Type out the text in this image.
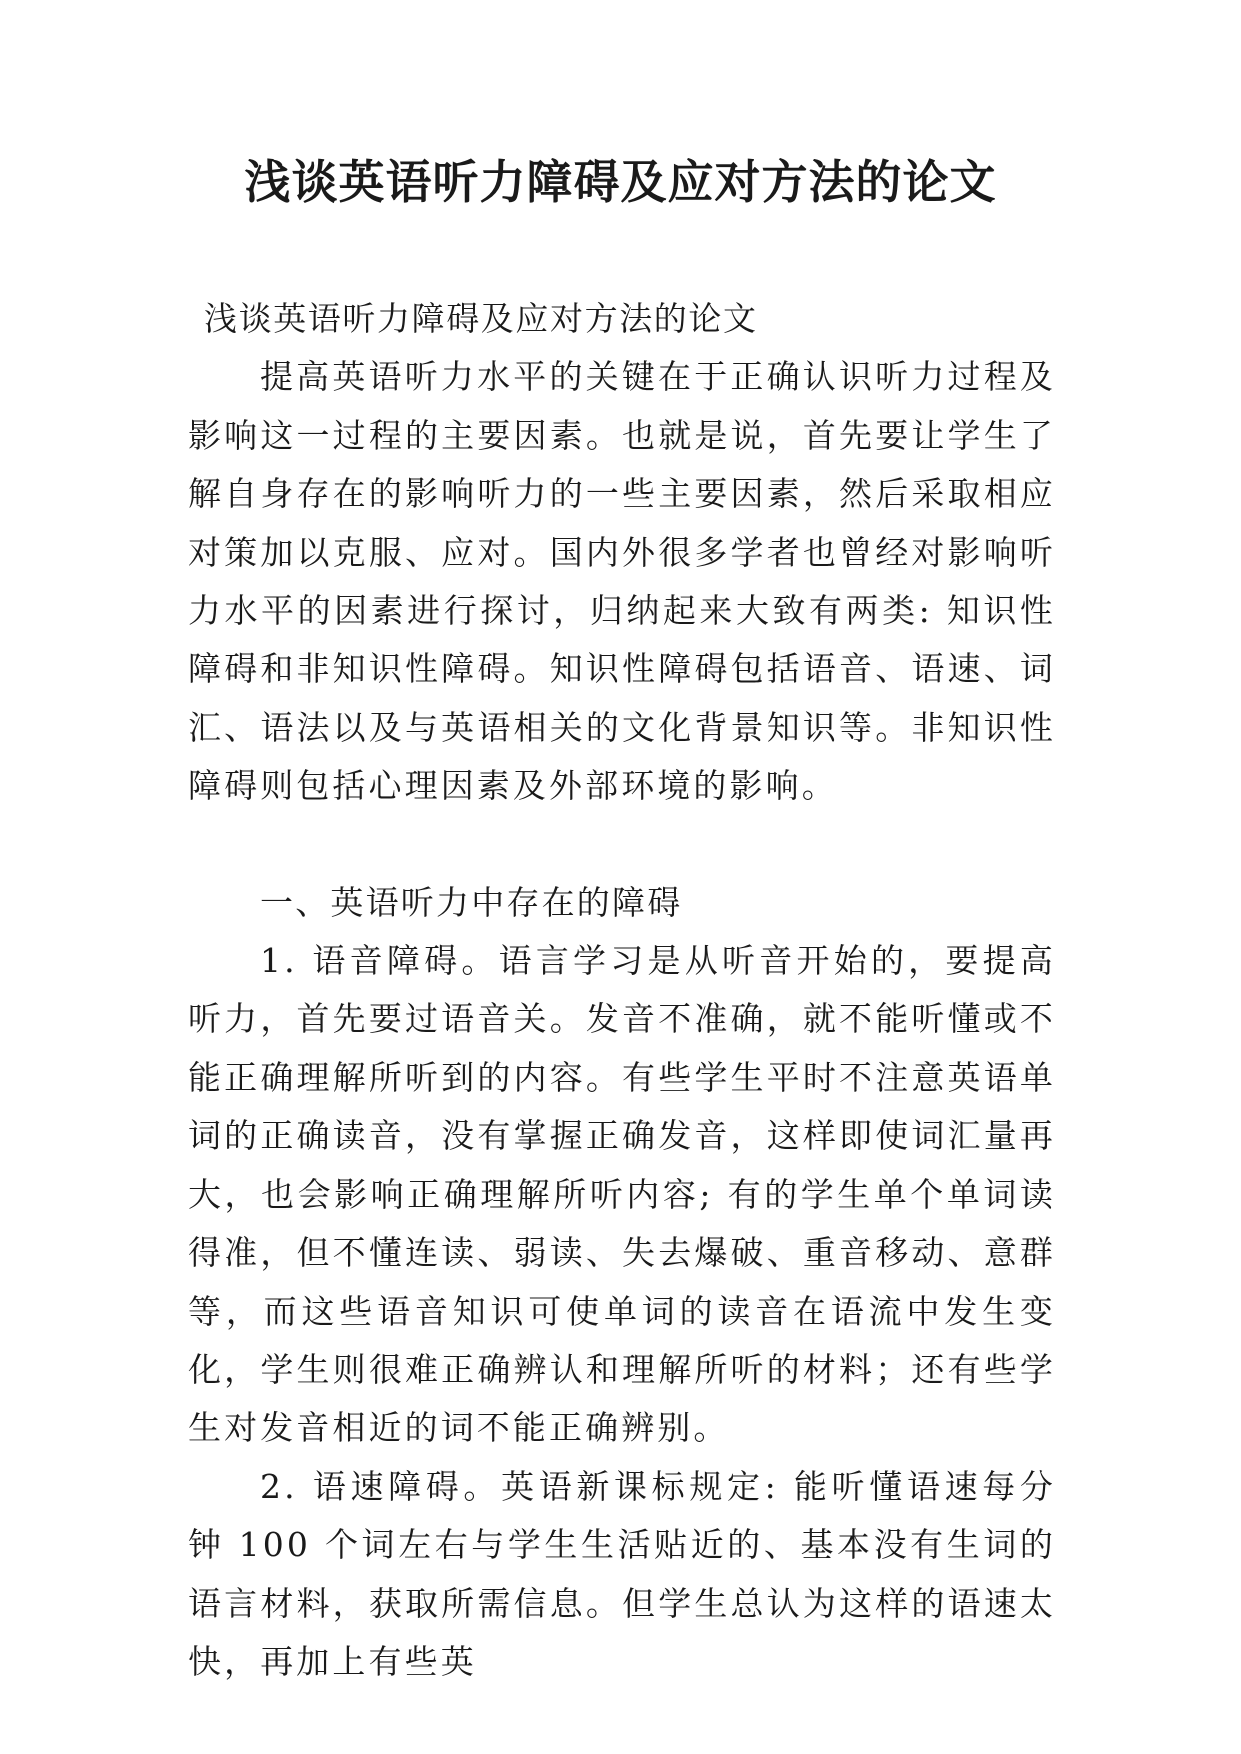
浅谈英语听力障碍及应对方法的论文

浅谈英语听力障碍及应对方法的论文

提高英语听力水平的关键在于正确认识听力过程及影响这一过程的主要因素。也就是说，首先要让学生了解自身存在的影响听力的一些主要因素，然后采取相应对策加以克服、应对。国内外很多学者也曾经对影响听力水平的因素进行探讨，归纳起来大致有两类: 知识性障碍和非知识性障碍。知识性障碍包括语音、语速、词汇、语法以及与英语相关的文化背景知识等。非知识性障碍则包括心理因素及外部环境的影响。

一、英语听力中存在的障碍

1. 语音障碍。语言学习是从听音开始的，要提高听力，首先要过语音关。发音不准确，就不能听懂或不能正确理解所听到的内容。有些学生平时不注意英语单词的正确读音，没有掌握正确发音，这样即使词汇量再大，也会影响正确理解所听内容; 有的学生单个单词读得准，但不懂连读、弱读、失去爆破、重音移动、意群等，而这些语音知识可使单词的读音在语流中发生变化，学生则很难正确辨认和理解所听的材料；还有些学生对发音相近的词不能正确辨别。

2. 语速障碍。英语新课标规定: 能听懂语速每分钟 100 个词左右与学生生活贴近的、基本没有生词的语言材料，获取所需信息。但学生总认为这样的语速太快，再加上有些英
